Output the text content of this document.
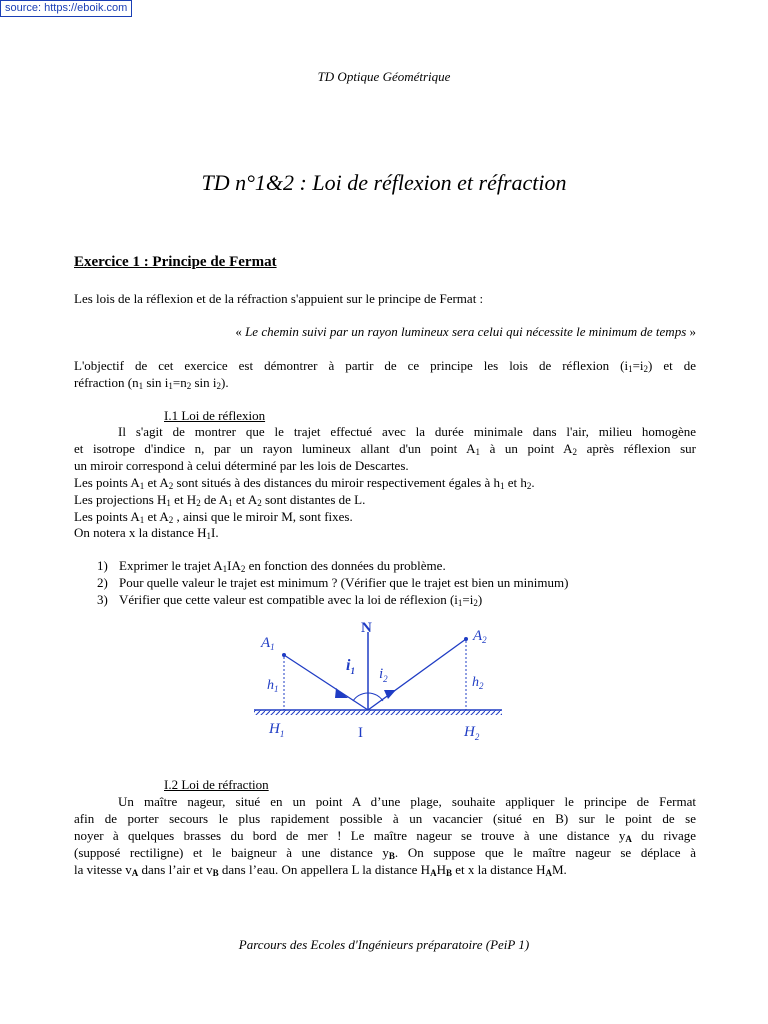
source: https://eboik.com
TD Optique Géométrique
TD n°1&2 : Loi de réflexion et réfraction
Exercice 1 : Principe de Fermat
Les lois de la réflexion et de la réfraction s'appuient sur le principe de Fermat :
« Le chemin suivi par un rayon lumineux sera celui qui nécessite le minimum de temps »
L'objectif de cet exercice est démontrer à partir de ce principe les lois de réflexion $(i_1=i_2)$ et de
réfraction ($n_1$ $\sin i_1=n_2$ $\sin i_2$).
I.1 Loi de réflexion
Il s'agit de montrer que le trajet effectué avec la durée minimale dans l'air, milieu homogène
et isotrope d'indice n, par un rayon lumineux allant d'un point $A_1$ à un point $A_2$ après réflexion sur
un miroir correspond à celui déterminé par les lois de Descartes.
Les points $A_1$ et $A_2$ sont situés à des distances du miroir respectivement égales à $h_1$ et $h_2$.
Les projections $H_1$ et $H_2$ de $A_1$ et $A_2$ sont distantes de L.
Les points $A_1$ et $A_2$ , ainsi que le miroir M, sont fixes.
On notera x la distance $H_1I$.
1) Exprimer le trajet $A_1IA_2$ en fonction des données du problème.
2) Pour quelle valeur le trajet est minimum ? (Vérifier que le trajet est bien un minimum)
3) Vérifier que cette valeur est compatible avec la loi de réflexion $(i_1=i_2)$
N
$A_1$
$A_2$
$i_1$ $i_2$
$h_1$	$h_2$
$H_1$	$H_2$
I
I.2 Loi de réfraction
Un maître nageur, situé en un point A d’une plage, souhaite appliquer le principe de Fermat
afin de porter secours le plus rapidement possible à un vacancier (situé en B) sur le point de se
noyer à quelques brasses du bord de mer ! Le maître nageur se trouve à une distance $y_A$ du rivage
(supposé rectiligne) et le baigneur à une distance $y_B$. On suppose que le maître nageur se déplace à
la vitesse $v_A$ dans l’air et $v_B$ dans l’eau. On appellera L la distance $H_AH_B$ et x la distance $H_AM$.
Parcours des Ecoles d'Ingénieurs préparatoire (PeiP 1)
